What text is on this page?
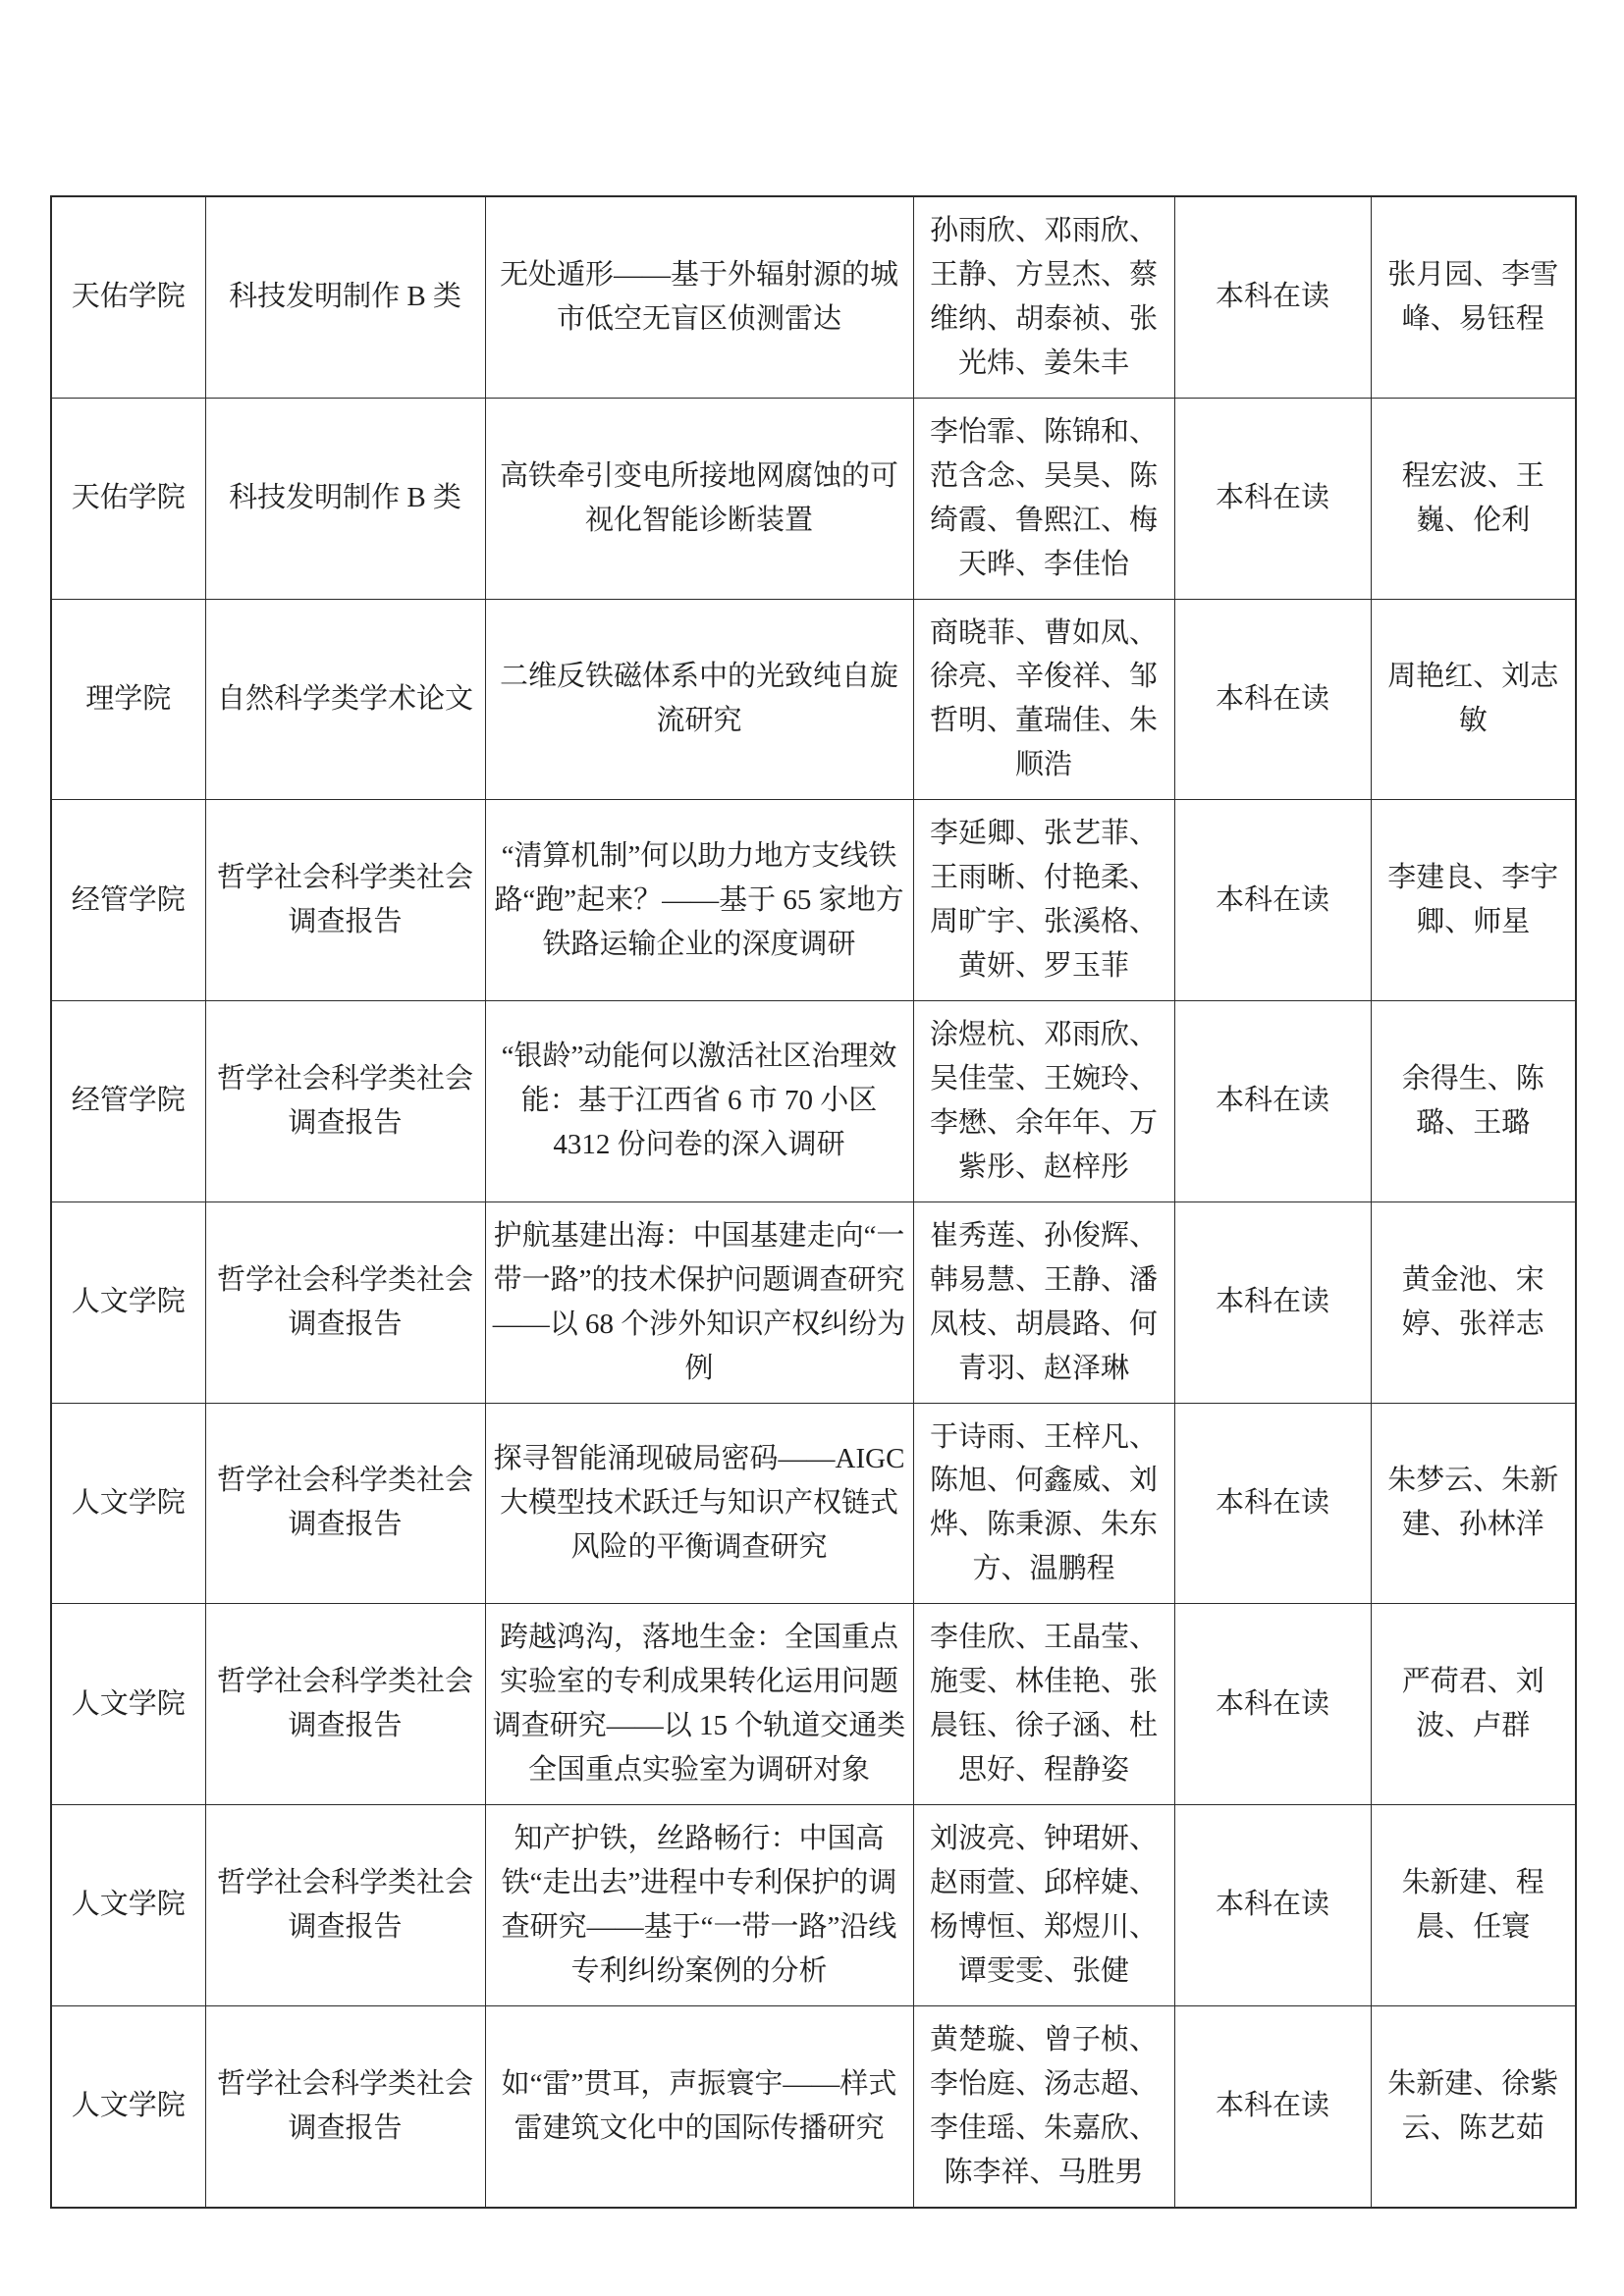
天佑学院	科技发明制作 B 类	无处遁形——基于外辐射源的城市低空无盲区侦测雷达	孙雨欣、邓雨欣、王静、方昱杰、蔡维纳、胡泰祯、张光炜、姜朱丰	本科在读	张月园、李雪峰、易钰程
天佑学院	科技发明制作 B 类	高铁牵引变电所接地网腐蚀的可视化智能诊断装置	李怡霏、陈锦和、范含念、吴昊、陈绮霞、鲁熙江、梅天晔、李佳怡	本科在读	程宏波、王巍、伦利
理学院	自然科学类学术论文	二维反铁磁体系中的光致纯自旋流研究	商晓菲、曹如凤、徐亮、辛俊祥、邹哲明、董瑞佳、朱顺浩	本科在读	周艳红、刘志敏
经管学院	哲学社会科学类社会调查报告	“清算机制”何以助力地方支线铁路“跑”起来？——基于 65 家地方铁路运输企业的深度调研	李延卿、张艺菲、王雨晰、付艳柔、周旷宇、张溪格、黄妍、罗玉菲	本科在读	李建良、李宇卿、师星
经管学院	哲学社会科学类社会调查报告	“银龄”动能何以激活社区治理效能：基于江西省 6 市 70 小区 4312 份问卷的深入调研	涂煜杭、邓雨欣、吴佳莹、王婉玲、李懋、余年年、万紫彤、赵梓彤	本科在读	余得生、陈璐、王璐
人文学院	哲学社会科学类社会调查报告	护航基建出海：中国基建走向“一带一路”的技术保护问题调查研究——以 68 个涉外知识产权纠纷为例	崔秀莲、孙俊辉、韩易慧、王静、潘凤枝、胡晨路、何青羽、赵泽琳	本科在读	黄金池、宋婷、张祥志
人文学院	哲学社会科学类社会调查报告	探寻智能涌现破局密码——AIGC 大模型技术跃迁与知识产权链式风险的平衡调查研究	于诗雨、王梓凡、陈旭、何鑫威、刘烨、陈秉源、朱东方、温鹏程	本科在读	朱梦云、朱新建、孙林洋
人文学院	哲学社会科学类社会调查报告	跨越鸿沟，落地生金：全国重点实验室的专利成果转化运用问题调查研究——以 15 个轨道交通类全国重点实验室为调研对象	李佳欣、王晶莹、施雯、林佳艳、张晨钰、徐子涵、杜思好、程静姿	本科在读	严荷君、刘波、卢群
人文学院	哲学社会科学类社会调查报告	知产护铁，丝路畅行：中国高铁“走出去”进程中专利保护的调查研究——基于“一带一路”沿线专利纠纷案例的分析	刘波亮、钟珺妍、赵雨萱、邱梓婕、杨博恒、郑煜川、谭雯雯、张健	本科在读	朱新建、程晨、任寰
人文学院	哲学社会科学类社会调查报告	如“雷”贯耳，声振寰宇——样式雷建筑文化中的国际传播研究	黄楚璇、曾子桢、李怡庭、汤志超、李佳瑶、朱嘉欣、陈李祥、马胜男	本科在读	朱新建、徐紫云、陈艺茹
